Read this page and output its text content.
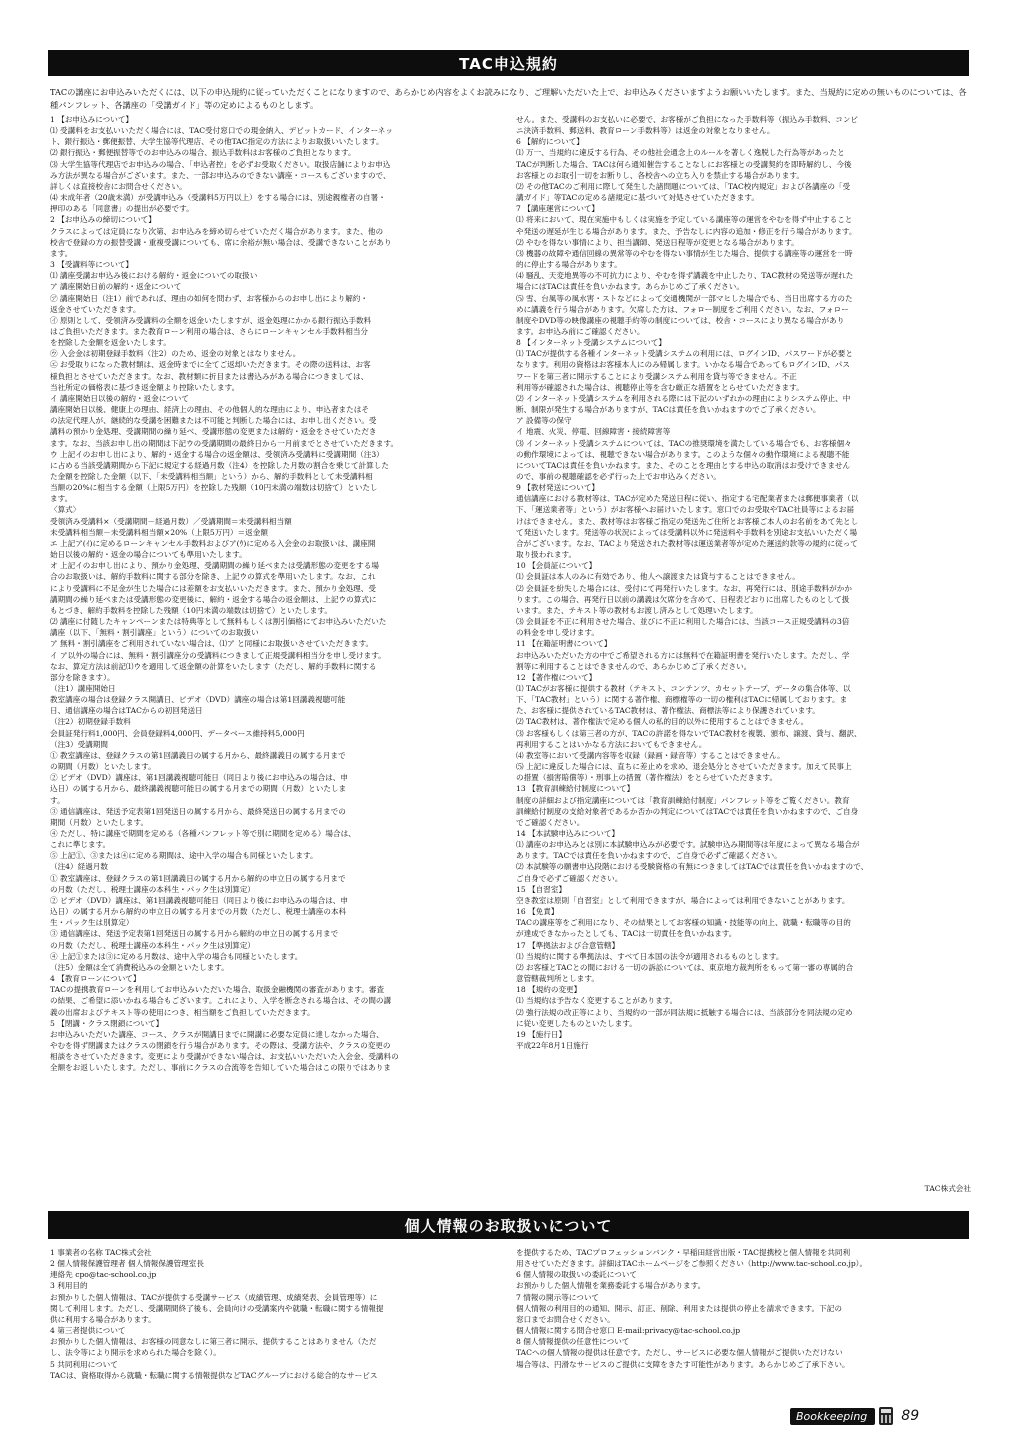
TAC申込規約
TACの講座にお申込みいただくには、以下の申込規約に従っていただくことになりますので、あらかじめ内容をよくお読みになり、ご理解いただいた上で、お申込みくださいますようお願いいたします。また、当規約に定めの無いものについては、各種パンフレット、各講座の「受講ガイド」等の定めによるものとします。

1 【お申込みについて】

⑴ 受講料をお支払いいただく場合には、TAC受付窓口での現金納入、デビットカード、インターネッ

ト、銀行振込・郵便振替、大学生協等代理店、その他TAC指定の方法によりお取扱いいたします。

⑵ 銀行振込・郵便振替等でのお申込みの場合、振込手数料はお客様のご負担となります。

⑶ 大学生協等代理店でお申込みの場合、「申込者控」を必ずお受取ください。取扱店舗によりお申込

み方法が異なる場合がございます。また、一部お申込みのできない講座・コースもございますので、

詳しくは直接校舎にお問合せください。

⑷ 未成年者（20歳未満）が受講申込み（受講料5万円以上）をする場合には、別途親権者の自署・

押印のある「同意書」の提出が必要です。

2 【お申込みの締切について】

クラスによっては定員になり次第、お申込みを締め切らせていただく場合があります。また、他の

校舎で登録の方の振替受講・重複受講についても、席に余裕が無い場合は、受講できないことがあり

ます。

3 【受講料等について】

⑴ 講座受講お申込み後における解約・返金についての取扱い

ア 講座開始日前の解約・返金について

㋐ 講座開始日（注1）前であれば、理由の如何を問わず、お客様からのお申し出により解約・

返金させていただきます。

㋑ 原則として、受領済み受講料の全額を返金いたしますが、返金処理にかかる銀行振込手数料

はご負担いただきます。また教育ローン利用の場合は、さらにローンキャンセル手数料相当分

を控除した金額を返金いたします。

㋒ 入会金は初期登録手数料（注2）のため、返金の対象とはなりません。

㋓ お受取りになった教材類は、返金時までに全てご返却いただきます。その際の送料は、お客

様負担とさせていただきます。なお、教材類に折目または書込みがある場合につきましては、

当社所定の価格表に基づき返金額より控除いたします。

イ 講座開始日以後の解約・返金について

講座開始日以後、健康上の理由、経済上の理由、その他個人的な理由により、申込者またはそ

の法定代理人が、継続的な受講を困難または不可能と判断した場合には、お申し出ください。受

講料の預かり金処理、受講期間の繰り延べ、受講形態の変更または解約・返金をさせていただき

ます。なお、当該お申し出の期間は下記ウの受講期間の最終日から一月前までとさせていただきます。

ウ 上記イのお申し出により、解約・返金する場合の返金額は、受領済み受講料に受講期間（注3）

に占める当該受講期間から下記に規定する経過月数（注4）を控除した月数の割合を乗じて計算した

た金額を控除した金額（以下、「未受講料相当額」という）から、解約手数料として未受講料相

当額の20%に相当する金額（上限5万円）を控除した残額（10円未満の端数は切捨て）といたし

ます。

〈算式〉

受領済み受講料×（受講期間－経過月数）／受講期間＝未受講料相当額

未受講料相当額－未受講料相当額×20%（上限5万円）＝返金額

エ 上記ア(ｲ)に定めるローンキャンセル手数料およびア(ｳ)に定める入会金のお取扱いは、講座開

始日以後の解約・返金の場合についても準用いたします。

オ 上記イのお申し出により、預かり金処理、受講期間の繰り延べまたは受講形態の変更をする場

合のお取扱いは、解約手数料に関する部分を除き、上記ウの算式を準用いたします。なお、これ

により受講料に不足金が生じた場合には差額をお支払いいただきます。また、預かり金処理、受

講期間の繰り延べまたは受講形態の変更後に、解約・返金する場合の返金額は、上記ウの算式に

もとづき、解約手数料を控除した残額（10円未満の端数は切捨て）といたします。

⑵ 講座に付随したキャンペーンまたは特典等として無料もしくは割引価格にてお申込みいただいた

講座（以下、「無料・割引講座」という）についてのお取扱い

ア 無料・割引講座をご利用されていない場合は、⑴ア と同様にお取扱いさせていただきます。

イ ア以外の場合には、無料・割引講座分の受講料につきまして正規受講料相当分を申し受けます。

なお、算定方法は前記⑴ウを適用して返金額の計算をいたします（ただし、解約手数料に関する

部分を除きます）。

（注1）講座開始日

教室講座の場合は登録クラス開講日、ビデオ（DVD）講座の場合は第1回講義視聴可能

日、通信講座の場合はTACからの初回発送日

（注2）初期登録手数料

会員証発行料1,000円、会員登録料4,000円、データベース維持料5,000円

（注3）受講期間

① 教室講座は、登録クラスの第1回講義日の属する月から、最終講義日の属する月まで

の期間（月数）といたします。

② ビデオ（DVD）講座は、第1回講義視聴可能日（同日より後にお申込みの場合は、申

込日）の属する月から、最終講義視聴可能日の属する月までの期間（月数）といたしま

す。

③ 通信講座は、発送予定表第1回発送日の属する月から、最終発送日の属する月までの

期間（月数）といたします。

④ ただし、特に講座で期間を定める（各種パンフレット等で別に期間を定める）場合は、

これに準じます。

⑤ 上記①、③または④に定める期間は、途中入学の場合も同様といたします。

（注4）経過月数

① 教室講座は、登録クラスの第1回講義日の属する月から解約の申立日の属する月まで

の月数（ただし、税理士講座の本科生・パック生は別算定）

② ビデオ（DVD）講座は、第1回講義視聴可能日（同日より後にお申込みの場合は、申

込日）の属する月から解約の申立日の属する月までの月数（ただし、税理士講座の本科

生・パック生は別算定）

③ 通信講座は、発送予定表第1回発送日の属する月から解約の申立日の属する月まで

の月数（ただし、税理士講座の本科生・パック生は別算定）

④ 上記①または③に定める月数は、途中入学の場合も同様といたします。

（注5）金額は全て消費税込みの金額といたします。

4 【教育ローンについて】

TACの提携教育ローンを利用してお申込みいただいた場合、取扱金融機関の審査があります。審査

の結果、ご希望に添いかねる場合もございます。これにより、入学を断念される場合は、その間の講

義の出席およびテキスト等の使用につき、相当額をご負担していただきます。

5 【閉講・クラス閉鎖について】

お申込みいただいた講座、コース、クラスが開講日までに開講に必要な定員に達しなかった場合、

やむを得ず閉講またはクラスの閉鎖を行う場合があります。その際は、受講方法や、クラスの変更の

相談をさせていただきます。変更により受講ができない場合は、お支払いいただいた入会金、受講料の

全額をお返しいたします。ただし、事前にクラスの合流等を告知していた場合はこの限りではありま

せん。また、受講料のお支払いに必要で、お客様がご負担になった手数料等（振込み手数料、コンビ

ニ決済手数料、郵送料、教育ローン手数料等）は返金の対象となりません。

6 【解約について】

⑴ 万一、当規約に違反する行為、その他社会通念上のルールを著しく逸脱した行為等があったと

TACが判断した場合、TACは何ら通知催告することなしにお客様との受講契約を即時解約し、今後

お客様とのお取引一切をお断りし、各校舎への立ち入りを禁止する場合があります。

⑵ その他TACのご利用に際して発生した諸問題については、「TAC校内規定」および各講座の「受

講ガイド」等TACの定める諸規定に基づいて対処させていただきます。

7 【講座運営について】

⑴ 将来において、現在実施中もしくは実施を予定している講座等の運営をやむを得ず中止すること

や発送の遅延が生じる場合があります。また、予告なしに内容の追加・修正を行う場合があります。

⑵ やむを得ない事情により、担当講師、発送日程等が変更となる場合があります。

⑶ 機器の故障や通信回線の異常等のやむを得ない事情が生じた場合、提供する講座等の運営を一時

的に停止する場合があります。

⑷ 騒乱、天変地異等の不可抗力により、やむを得ず講義を中止したり、TAC教材の発送等が遅れた

場合にはTACは責任を負いかねます。あらかじめご了承ください。

⑸ 雪、台風等の風水害・ストなどによって交通機関が一部マヒした場合でも、当日出席する方のた

めに講義を行う場合があります。欠席した方は、フォロー制度をご利用ください。なお、フォロー

制度やDVD等の映像講座の視聴手約等の制度については、校舎・コースにより異なる場合があり

ます。お申込み前にご確認ください。

8 【インターネット受講システムについて】

⑴ TACが提供する各種インターネット受講システムの利用には、ログインID、パスワードが必要と

なります。利用の資格はお客様本人にのみ帰属します。いかなる場合であってもログインID、パス

ワードを第三者に開示することにより受講システム利用を貸与等できません。不正

利用等が確認された場合は、視聴停止等を含む厳正な措置をとらせていただきます。

⑵ インターネット受講システムを利用される際には下記のいずれかの理由によりシステム停止、中

断、制限が発生する場合がありますが、TACは責任を負いかねますのでご了承ください。

ア 設備等の保守

イ 地震、火災、停電、回線障害・接続障害等

⑶ インターネット受講システムについては、TACの推奨環境を満たしている場合でも、お客様個々

の動作環境によっては、視聴できない場合があります。このような個々の動作環境による視聴不能

についてTACは責任を負いかねます。また、そのことを理由とする申込の取消はお受けできません

ので、事前の視聴確認を必ず行った上でお申込みください。

9 【教材発送について】

通信講座における教材等は、TACが定めた発送日程に従い、指定する宅配業者または郵便事業者（以

下、「運送業者等」という）がお客様へお届けいたします。窓口でのお受取やTAC社員等によるお届

けはできません。また、教材等はお客様ご指定の発送先ご住所とお客様ご本人のお名前をあて先とし

て発送いたします。発送等の状況によっては受講料以外に発送料や手数料を別途お支払いいただく場

合がございます。なお、TACより発送された教材等は運送業者等が定めた運送約款等の規約に従って

取り扱われます。

10 【会員証について】

⑴ 会員証は本人のみに有効であり、他人へ譲渡または貸与することはできません。

⑵ 会員証を紛失した場合には、受付にて再発行いたします。なお、再発行には、別途手数料がかか

ります。この場合、再発行日以前の講義は欠席分を含めて、日程表どおりに出席したものとして扱

います。また、テキスト等の教材もお渡し済みとして処理いたします。

⑶ 会員証を不正に利用させた場合、並びに不正に利用した場合には、当該コース正規受講料の3倍

の料金を申し受けます。

11 【在籍証明書について】

お申込みいただいた方の中でご希望される方には無料で在籍証明書を発行いたします。ただし、学

割等に利用することはできませんので、あらかじめご了承ください。

12 【著作権について】

⑴ TACがお客様に提供する教材（テキスト、コンテンツ、カセットテープ、データの集合体等、以

下、「TAC教材」という）に関する著作権、商標権等の一切の権利はTACに帰属しております。ま

た、お客様に提供されているTAC教材は、著作権法、商標法等により保護されています。

⑵ TAC教材は、著作権法で定める個人の私的目的以外に使用することはできません。

⑶ お客様もしくは第三者の方が、TACの許諾を得ないでTAC教材を複製、頒布、譲渡、貸与、翻訳、

再利用することはいかなる方法においてもできません。

⑷ 教室等において受講内容等を収録（録画・録音等）することはできません。

⑸ 上記に違反した場合には、直ちに差止めを求め、退会処分とさせていただきます。加えて民事上

の措置（損害賠償等）・刑事上の措置（著作権法）をとらせていただきます。

13 【教育訓練給付制度について】

制度の詳細および指定講座については「教育訓練給付制度」パンフレット等をご覧ください。教育

訓練給付制度の支給対象者であるか否かの判定についてはTACでは責任を負いかねますので、ご自身

でご確認ください。

14 【本試験申込みについて】

⑴ 講座のお申込みとは別に本試験申込みが必要です。試験申込み期間等は年度によって異なる場合が

あります。TACでは責任を負いかねますので、ご自身で必ずご確認ください。

⑵ 本試験等の願書申込段階における受験資格の有無につきましてはTACでは責任を負いかねますので、

ご自身で必ずご確認ください。

15 【自習室】

空き教室は原則「自習室」として利用できますが、場合によっては利用できないことがあります。

16 【免責】

TACの講座等をご利用になり、その結果としてお客様の知識・技能等の向上、就職・転職等の目的

が達成できなかったとしても、TACは一切責任を負いかねます。

17 【準拠法および合意管轄】

⑴ 当規約に関する準拠法は、すべて日本国の法令が適用されるものとします。

⑵ お客様とTACとの間における一切の訴訟については、東京地方裁判所をもって第一審の専属的合

意管轄裁判所とします。

18 【規約の変更】

⑴ 当規約は予告なく変更することがあります。

⑵ 強行法規の改正等により、当規約の一部が同法規に抵触する場合には、当該部分を同法規の定め

に従い変更したものといたします。

19 【施行日】

平成22年8月1日施行

TAC株式会社

個人情報のお取扱いについて

1 事業者の名称 TAC株式会社

2 個人情報保護管理者 個人情報保護管理室長

連絡先 cpo@tac-school.co.jp

3 利用目的

お預かりした個人情報は、TACが提供する受講サービス（成績管理、成績発表、会員管理等）に

関して利用します。ただし、受講期間終了後も、会員向けの受講案内や就職・転職に関する情報提

供に利用する場合があります。

4 第三者提供について

お預かりした個人情報は、お客様の同意なしに第三者に開示、提供することはありません（ただ

し、法令等により開示を求められた場合を除く）。

5 共同利用について

TACは、資格取得から就職・転職に関する情報提供などTACグループにおける総合的なサービス

を提供するため、TACプロフェッションバンク・早稲田経営出版・TAC提携校と個人情報を共同利

用させていただきます。詳細はTACホームページをご参照ください（http://www.tac-school.co.jp）。

6 個人情報の取扱いの委託について

お預かりした個人情報を業務委託する場合があります。

7 情報の開示等について

個人情報の利用目的の通知、開示、訂正、削除、利用または提供の停止を請求できます。下記の

窓口までお問合せください。

個人情報に関する問合せ窓口 E-mail:privacy@tac-school.co.jp

8 個人情報提供の任意性について

TACへの個人情報の提供は任意です。ただし、サービスに必要な個人情報がご提供いただけない

場合等は、円滑なサービスのご提供に支障をきたす可能性があります。あらかじめご了承下さい。

Bookkeeping	89
